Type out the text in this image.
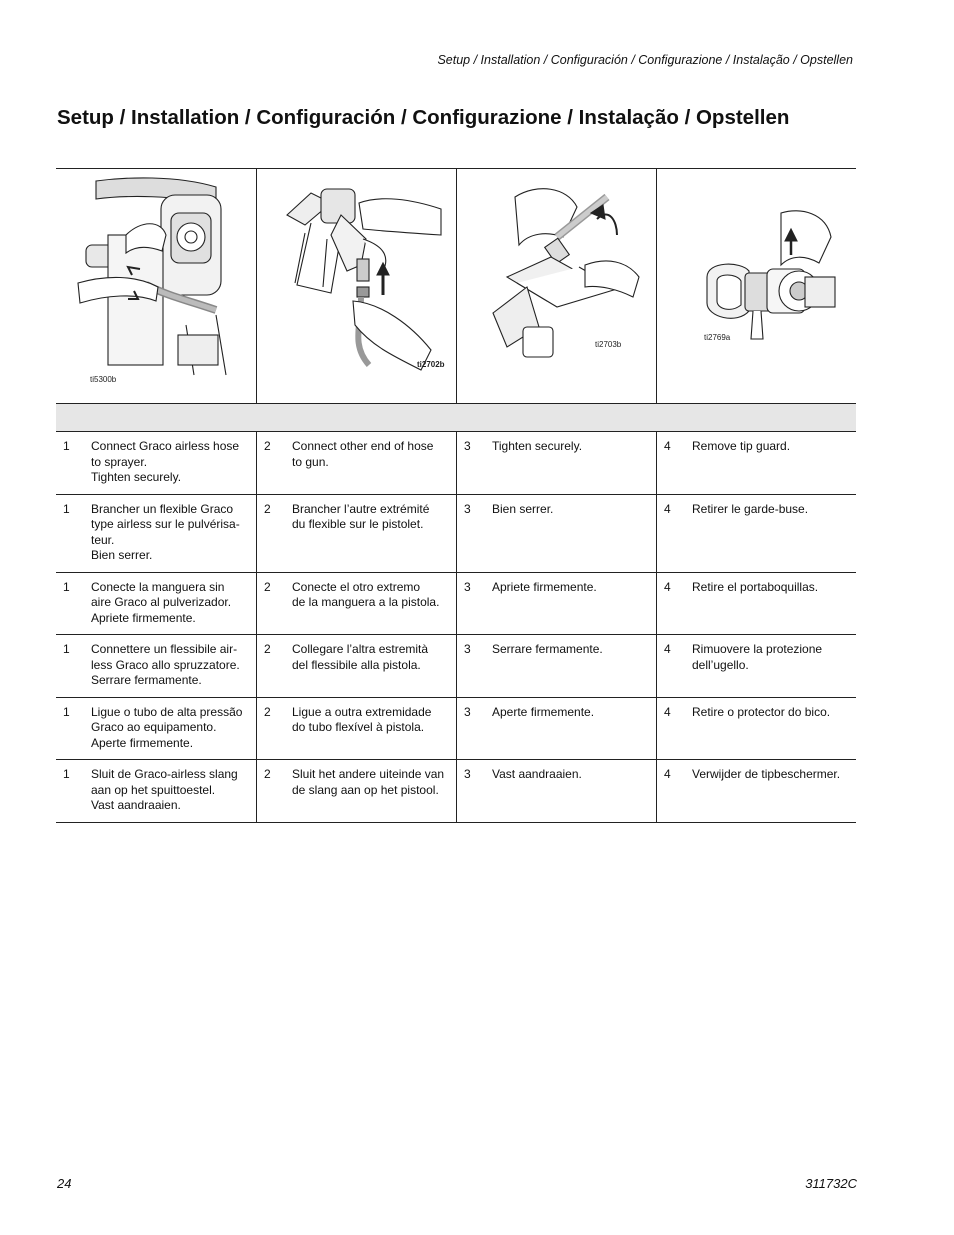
Setup / Installation / Configuración / Configurazione / Instalação / Opstellen
Setup / Installation / Configuración / Configurazione / Instalação / Opstellen
ti5300b
ti2702b
ti2703b
ti2769a
1	Connect Graco airless hose
to sprayer.
Tighten securely.
2	Connect other end of hose
to gun.
3	Tighten securely.	4	Remove tip guard.
1	Brancher un flexible Graco
type airless sur le pulvérisa-
teur.
Bien serrer.
2	Brancher l’autre extrémité
du flexible sur le pistolet.
3	Bien serrer.	4	Retirer le garde-buse.
1	Conecte la manguera sin
aire Graco al pulverizador.
Apriete firmemente.
2	Conecte el otro extremo
de la manguera a la pistola.
3	Apriete firmemente.	4	Retire el portaboquillas.
1	Connettere un flessibile air-
less Graco allo spruzzatore.
Serrare fermamente.
2	Collegare l’altra estremità
del flessibile alla pistola.
3	Serrare fermamente.	4	Rimuovere la protezione
dell’ugello.
1	Ligue o tubo de alta pressão
Graco ao equipamento.
Aperte firmemente.
2	Ligue a outra extremidade
do tubo flexível à pistola.
3	Aperte firmemente.	4	Retire o protector do bico.
1	Sluit de Graco-airless slang
aan op het spuittoestel.
Vast aandraaien.
2	Sluit het andere uiteinde van
de slang aan op het pistool.
3	Vast aandraaien.	4	Verwijder de tipbeschermer.
24	311732C
